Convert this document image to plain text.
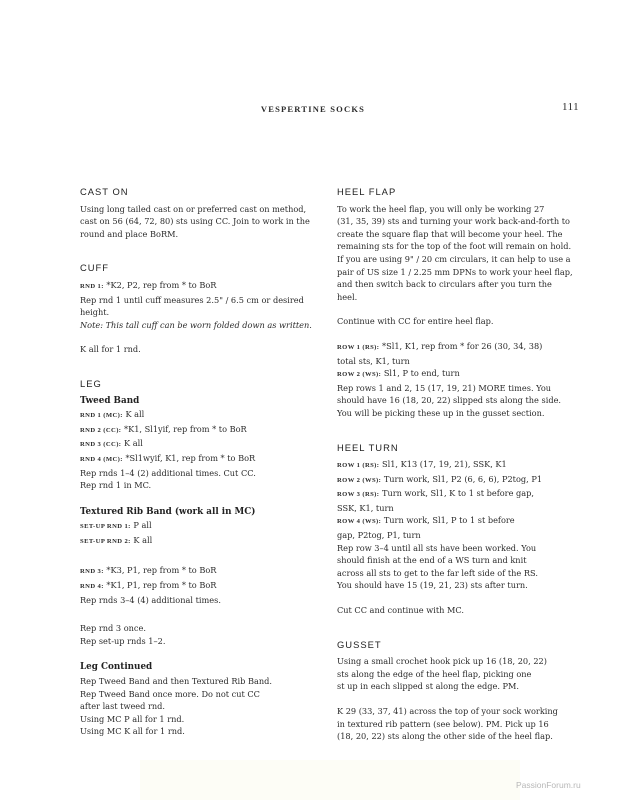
VESPERTINE SOCKS	111
CAST ON

Using long tailed cast on or preferred cast on method,

cast on 56 (64, 72, 80) sts using CC. Join to work in the

round and place BoRM.

CUFF

RND 1: *K2, P2, rep from * to BoR

Rep rnd 1 until cuff measures 2.5" / 6.5 cm or desired

height.

Note: This tall cuff can be worn folded down as written.

K all for 1 rnd.

LEG
Tweed Band

RND 1 (MC): K all

RND 2 (CC): *K1, Sl1yif, rep from * to BoR

RND 3 (CC): K all

RND 4 (MC): *Sl1wyif, K1, rep from * to BoR

Rep rnds 1–4 (2) additional times. Cut CC.

Rep rnd 1 in MC.

Textured Rib Band (work all in MC)

SET-UP RND 1: P all

SET-UP RND 2: K all

RND 3: *K3, P1, rep from * to BoR

RND 4: *K1, P1, rep from * to BoR

Rep rnds 3–4 (4) additional times.

Rep rnd 3 once.

Rep set-up rnds 1–2.

Leg Continued

Rep Tweed Band and then Textured Rib Band.

Rep Tweed Band once more. Do not cut CC

after last tweed rnd.

Using MC P all for 1 rnd.

Using MC K all for 1 rnd.

HEEL FLAP

To work the heel flap, you will only be working 27

(31, 35, 39) sts and turning your work back-and-forth to

create the square flap that will become your heel. The

remaining sts for the top of the foot will remain on hold.

If you are using 9" / 20 cm circulars, it can help to use a

pair of US size 1 / 2.25 mm DPNs to work your heel flap,

and then switch back to circulars after you turn the heel.

Continue with CC for entire heel flap.

ROW 1 (RS): *Sl1, K1, rep from * for 26 (30, 34, 38)

total sts, K1, turn

ROW 2 (WS): Sl1, P to end, turn

Rep rows 1 and 2, 15 (17, 19, 21) MORE times. You

should have 16 (18, 20, 22) slipped sts along the side.

You will be picking these up in the gusset section.

HEEL TURN

ROW 1 (RS): Sl1, K13 (17, 19, 21), SSK, K1

ROW 2 (WS): Turn work, Sl1, P2 (6, 6, 6), P2tog, P1

ROW 3 (RS): Turn work, Sl1, K to 1 st before gap,

SSK, K1, turn

ROW 4 (WS): Turn work, Sl1, P to 1 st before

gap, P2tog, P1, turn

Rep row 3–4 until all sts have been worked. You

should finish at the end of a WS turn and knit

across all sts to get to the far left side of the RS.

You should have 15 (19, 21, 23) sts after turn.

Cut CC and continue with MC.

GUSSET

Using a small crochet hook pick up 16 (18, 20, 22)

sts along the edge of the heel flap, picking one

st up in each slipped st along the edge. PM.

K 29 (33, 37, 41) across the top of your sock working

in textured rib pattern (see below). PM. Pick up 16

(18, 20, 22) sts along the other side of the heel flap.

PassionForum.ru
